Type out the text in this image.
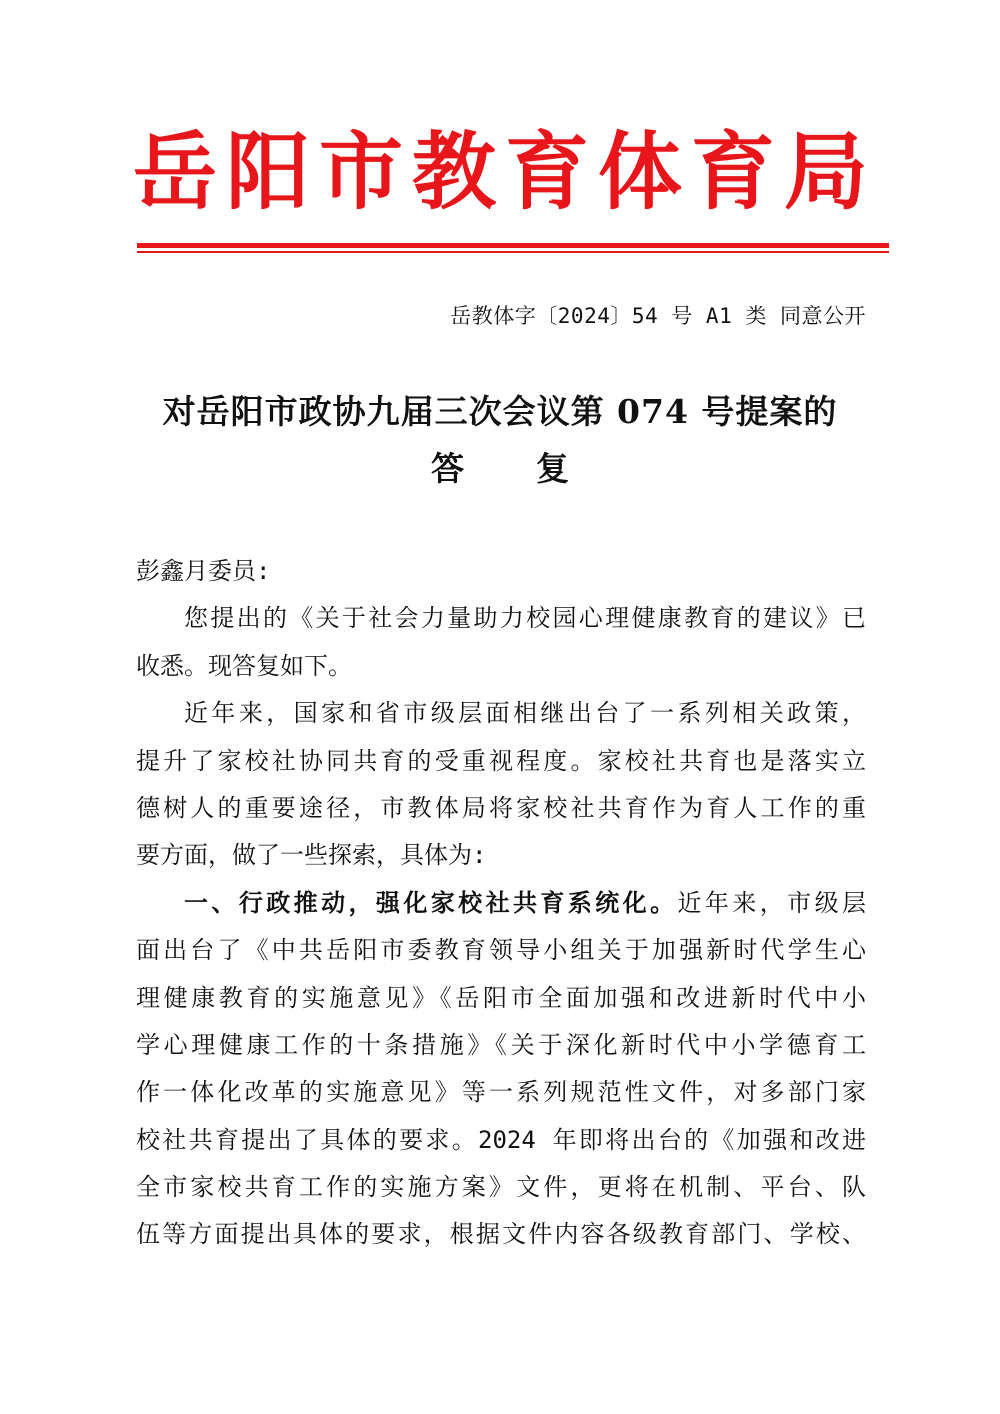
岳 阳 市 教 育 体 育 局
岳教体字〔2024〕54 号 A1 类 同意公开
对岳阳市政协九届三次会议第 074 号提案的
答 复
彭鑫月委员:
您提出的《关于社会力量助力校园心理健康教育的建议》已
收悉。现答复如下。
近年来，国家和省市级层面相继出台了一系列相关政策，
提升了家校社协同共育的受重视程度。家校社共育也是落实立
德树人的重要途径，市教体局将家校社共育作为育人工作的重
要方面，做了一些探索，具体为:
一、行政推动，强化家校社共育系统化。近年来，市级层
面出台了《中共岳阳市委教育领导小组关于加强新时代学生心
理健康教育的实施意见》《岳阳市全面加强和改进新时代中小
学心理健康工作的十条措施》《关于深化新时代中小学德育工
作一体化改革的实施意见》等一系列规范性文件，对多部门家
校社共育提出了具体的要求。2024 年即将出台的《加强和改进
全市家校共育工作的实施方案》文件，更将在机制、平台、队
伍等方面提出具体的要求，根据文件内容各级教育部门、学校、
